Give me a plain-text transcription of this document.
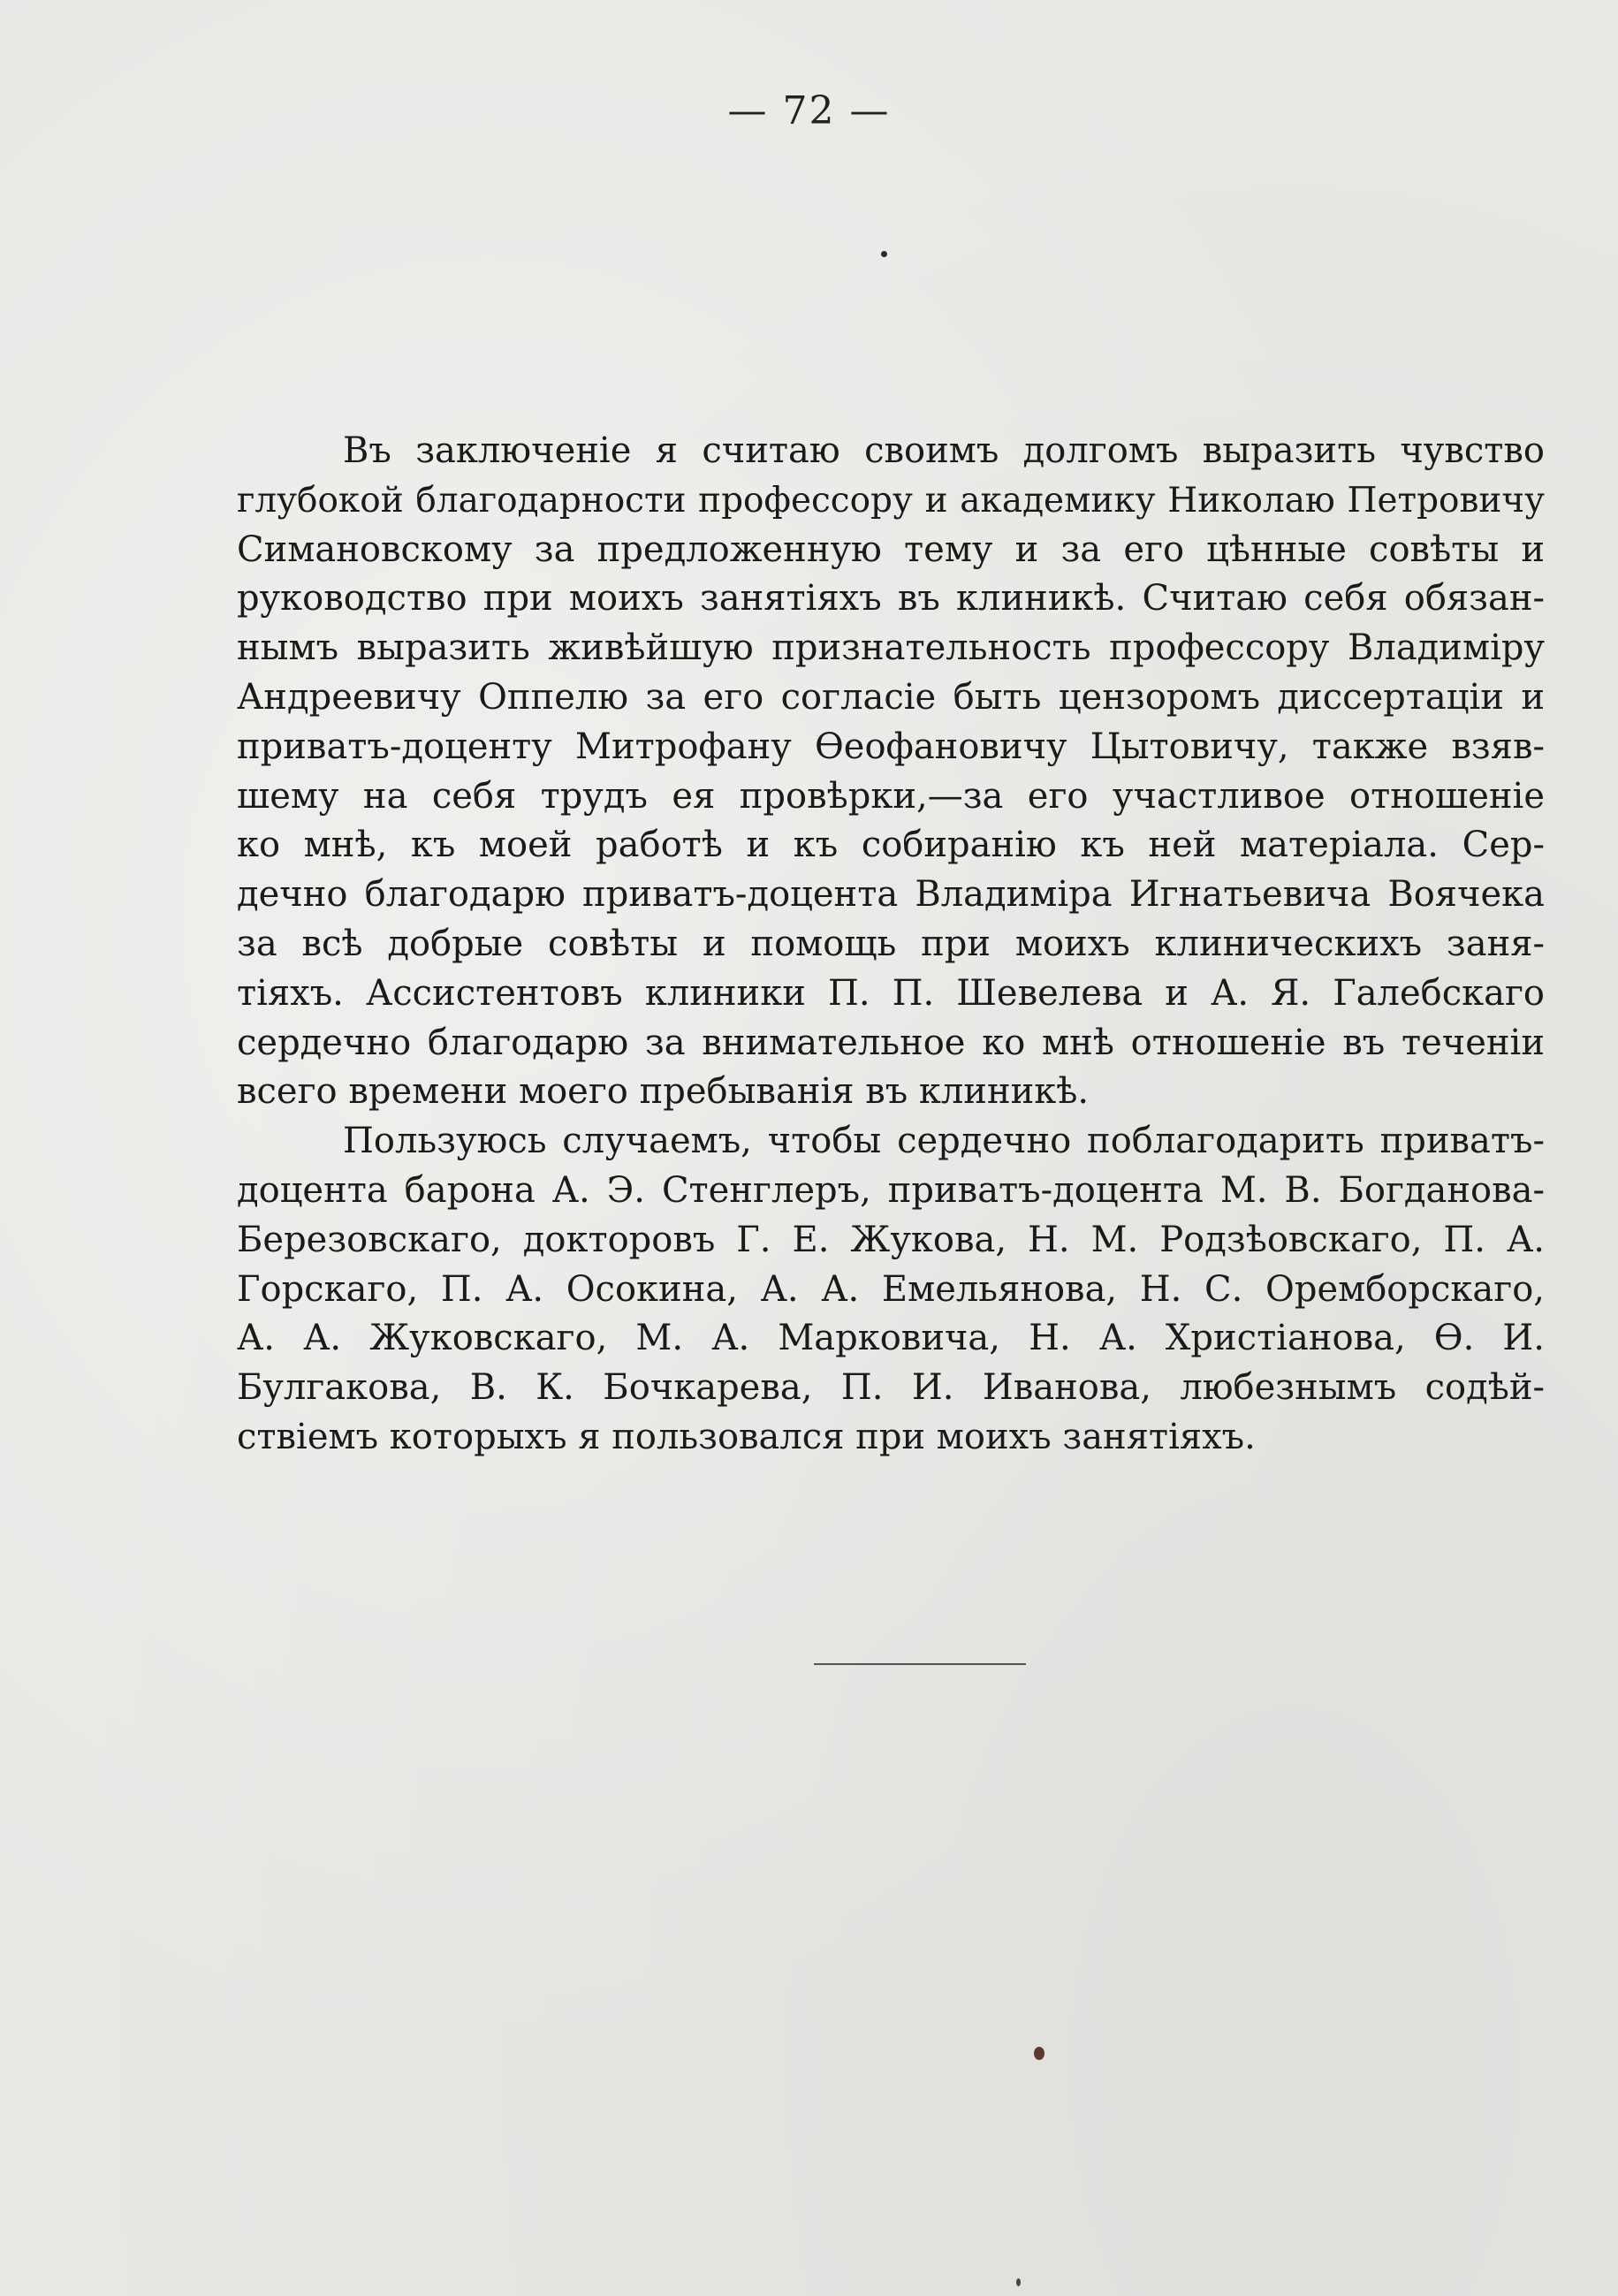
— 72 —
Въ заключеніе я считаю своимъ долгомъ выразить чувство
глубокой благодарности профессору и академику Николаю Петровичу
Симановскому за предложенную тему и за его цѣнные совѣты и
руководство при моихъ занятіяхъ въ клиникѣ. Считаю себя обязан-
нымъ выразить живѣйшую признательность профессору Владиміру
Андреевичу Оппелю за его согласіе быть цензоромъ диссертаціи и
приватъ-доценту Митрофану Өеофановичу Цытовичу, также взяв-
шему на себя трудъ ея провѣрки,—за его участливое отношеніе
ко мнѣ, къ моей работѣ и къ собиранію къ ней матеріала. Сер-
дечно благодарю приватъ-доцента Владиміра Игнатьевича Воячека
за всѣ добрые совѣты и помощь при моихъ клиническихъ заня-
тіяхъ. Ассистентовъ клиники П. П. Шевелева и А. Я. Галебскаго
сердечно благодарю за внимательное ко мнѣ отношеніе въ теченіи
всего времени моего пребыванія въ клиникѣ.
Пользуюсь случаемъ, чтобы сердечно поблагодарить приватъ-
доцента барона А. Э. Стенглеръ, приватъ-доцента М. В. Богданова-
Березовскаго, докторовъ Г. Е. Жукова, Н. М. Родзѣовскаго, П. А.
Горскаго, П. А. Осокина, А. А. Емельянова, Н. С. Оремборскаго,
А. А. Жуковскаго, М. А. Марковича, Н. А. Христіанова, Ө. И.
Булгакова, В. К. Бочкарева, П. И. Иванова, любезнымъ содѣй-
ствіемъ которыхъ я пользовался при моихъ занятіяхъ.
